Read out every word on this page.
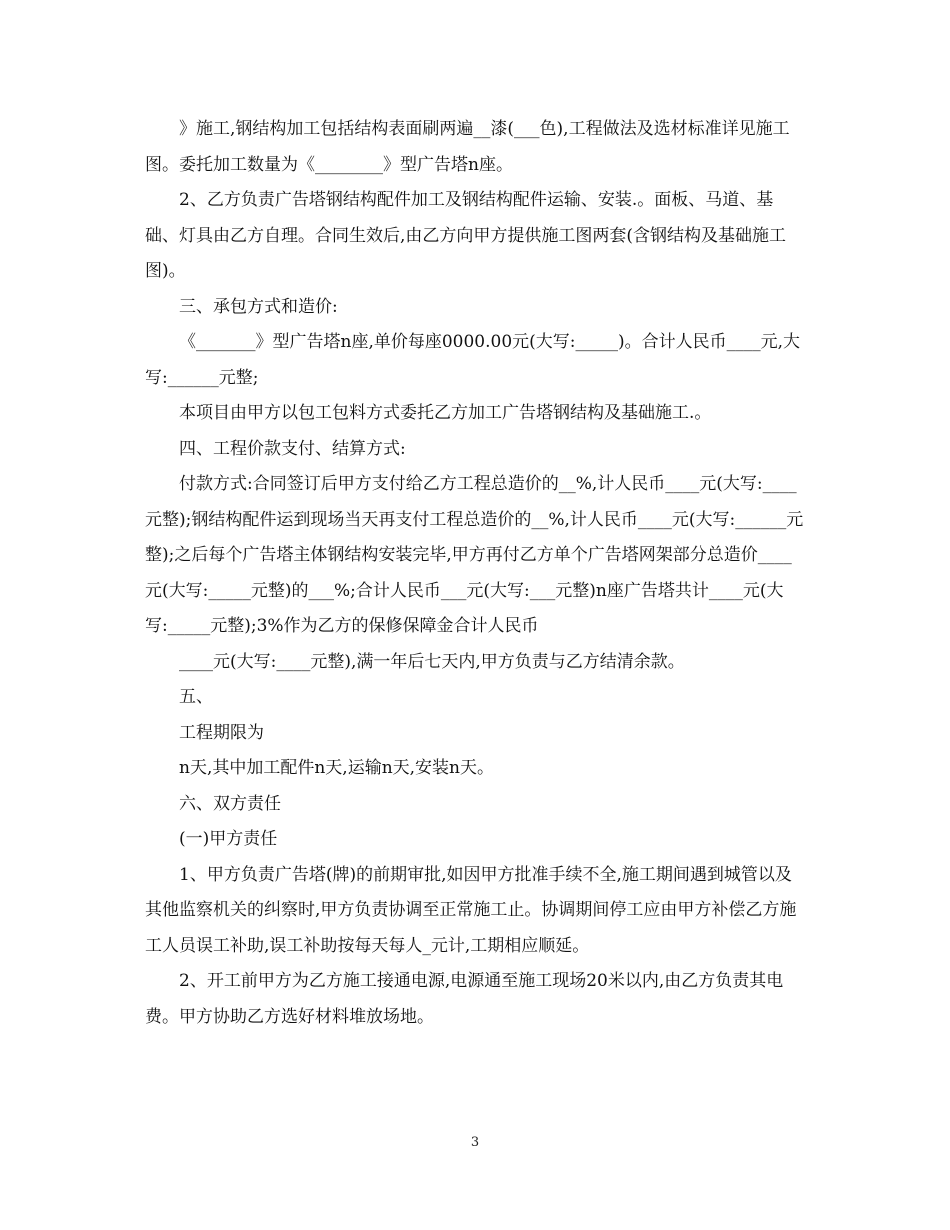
》施工,钢结构加工包括结构表面刷两遍__漆(___色),工程做法及选材标准详见施工图。委托加工数量为《________》型广告塔n座。

2、乙方负责广告塔钢结构配件加工及钢结构配件运输、安装.。面板、马道、基础、灯具由乙方自理。合同生效后,由乙方向甲方提供施工图两套(含钢结构及基础施工图)。

三、承包方式和造价:

《_______》型广告塔n座,单价每座0000.00元(大写:_____)。合计人民币____元,大写:______元整;

本项目由甲方以包工包料方式委托乙方加工广告塔钢结构及基础施工.。

四、工程价款支付、结算方式:

付款方式:合同签订后甲方支付给乙方工程总造价的__%,计人民币____元(大写:____元整);钢结构配件运到现场当天再支付工程总造价的__%,计人民币____元(大写:______元整);之后每个广告塔主体钢结构安装完毕,甲方再付乙方单个广告塔网架部分总造价____元(大写:_____元整)的___%;合计人民币___元(大写:___元整)n座广告塔共计____元(大写:_____元整);3%作为乙方的保修保障金合计人民币

____元(大写:____元整),满一年后七天内,甲方负责与乙方结清余款。

五、

工程期限为

n天,其中加工配件n天,运输n天,安装n天。

六、双方责任

(一)甲方责任

1、甲方负责广告塔(牌)的前期审批,如因甲方批准手续不全,施工期间遇到城管以及其他监察机关的纠察时,甲方负责协调至正常施工止。协调期间停工应由甲方补偿乙方施工人员误工补助,误工补助按每天每人_元计,工期相应顺延。

2、开工前甲方为乙方施工接通电源,电源通至施工现场20米以内,由乙方负责其电费。甲方协助乙方选好材料堆放场地。

3
